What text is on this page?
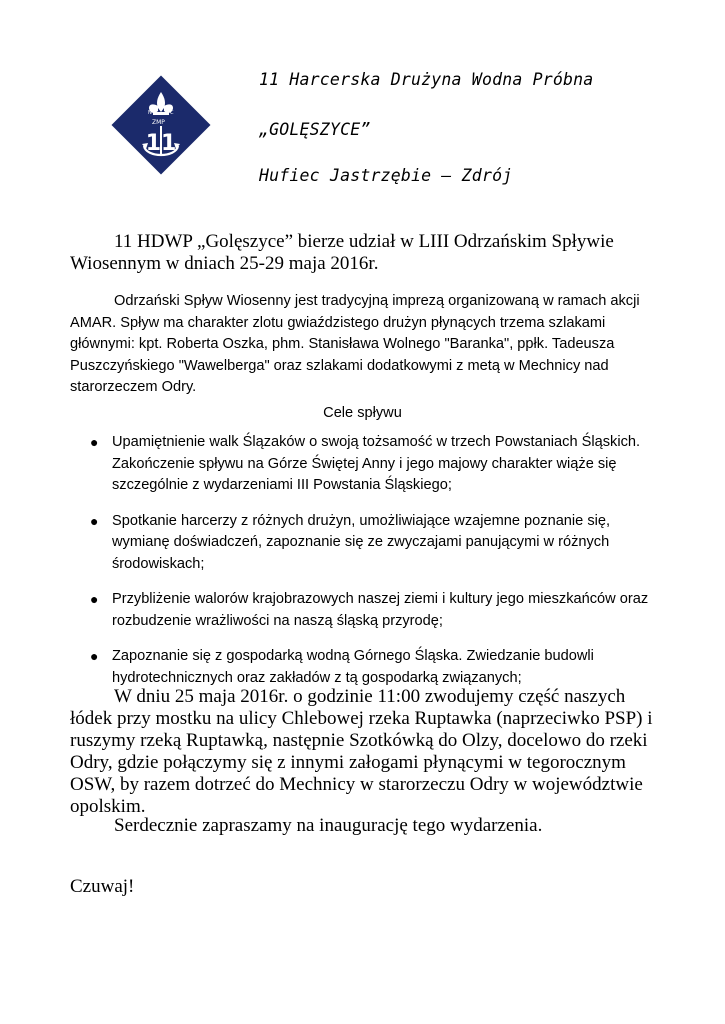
N	C
ZMP
11
11 Harcerska Drużyna Wodna Próbna
„GOLĘSZYCE”
Hufiec Jastrzębie – Zdrój

11 HDWP „Golęszyce” bierze udział w LIII Odrzańskim Spływie Wiosennym w dniach 25-29 maja 2016r.

Odrzański Spływ Wiosenny jest tradycyjną imprezą organizowaną w ramach akcji AMAR. Spływ ma charakter zlotu gwiaździstego drużyn płynących trzema szlakami głównymi: kpt. Roberta Oszka, phm. Stanisława Wolnego "Baranka", ppłk. Tadeusza Puszczyńskiego "Wawelberga" oraz szlakami dodatkowymi z metą w Mechnicy nad starorzeczem Odry.

Cele spływu

● Upamiętnienie walk Ślązaków o swoją tożsamość w trzech Powstaniach Śląskich. Zakończenie spływu na Górze Świętej Anny i jego majowy charakter wiąże się szczególnie z wydarzeniami III Powstania Śląskiego;
● Spotkanie harcerzy z różnych drużyn, umożliwiające wzajemne poznanie się, wymianę doświadczeń, zapoznanie się ze zwyczajami panującymi w różnych środowiskach;
● Przybliżenie walorów krajobrazowych naszej ziemi i kultury jego mieszkańców oraz rozbudzenie wrażliwości na naszą śląską przyrodę;
● Zapoznanie się z gospodarką wodną Górnego Śląska. Zwiedzanie budowli hydrotechnicznych oraz zakładów z tą gospodarką związanych;

W dniu 25 maja 2016r. o godzinie 11:00 zwodujemy część naszych łódek przy mostku na ulicy Chlebowej rzeka Ruptawka (naprzeciwko PSP) i ruszymy rzeką Ruptawką, następnie Szotkówką do Olzy, docelowo do rzeki Odry, gdzie połączymy się z innymi załogami płynącymi w tegorocznym OSW, by razem dotrzeć do Mechnicy w starorzeczu Odry w województwie opolskim.

Serdecznie zapraszamy na inaugurację tego wydarzenia.

Czuwaj!
